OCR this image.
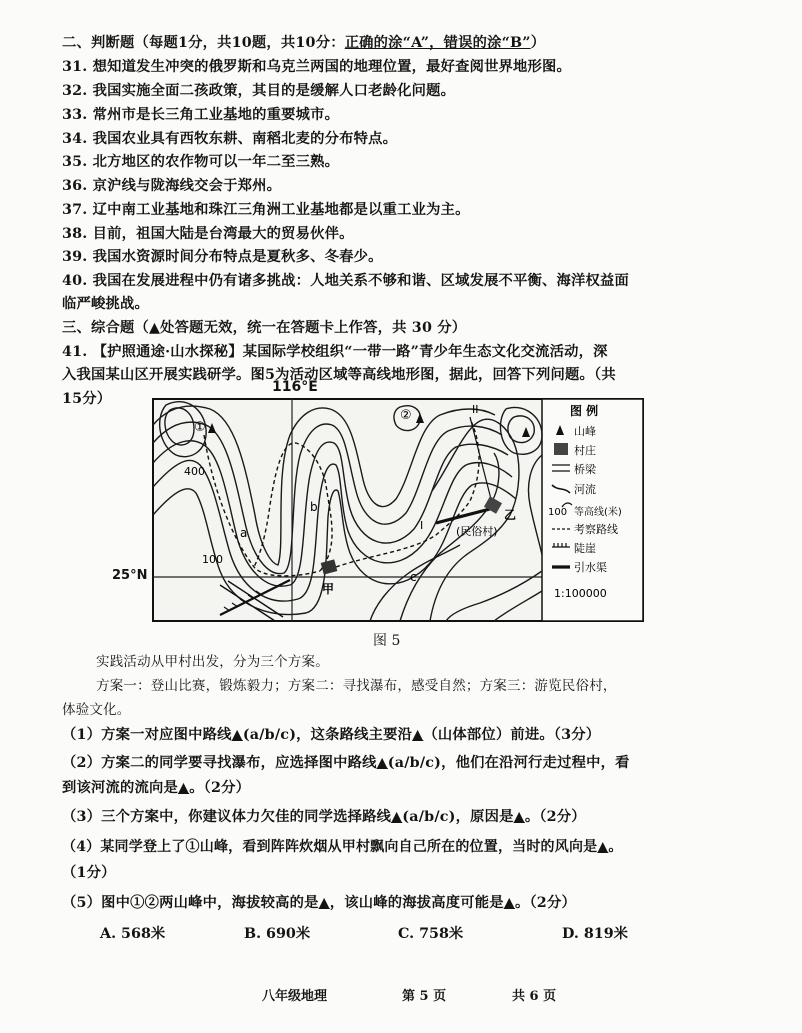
二、判断题（每题1分，共10题，共10分：正确的涂“A”，错误的涂“B”）
31. 想知道发生冲突的俄罗斯和乌克兰两国的地理位置，最好查阅世界地形图。
32. 我国实施全面二孩政策，其目的是缓解人口老龄化问题。
33. 常州市是长三角工业基地的重要城市。
34. 我国农业具有西牧东耕、南稻北麦的分布特点。
35. 北方地区的农作物可以一年二至三熟。
36. 京沪线与陇海线交会于郑州。
37. 辽中南工业基地和珠江三角洲工业基地都是以重工业为主。
38. 目前，祖国大陆是台湾最大的贸易伙伴。
39. 我国水资源时间分布特点是夏秋多、冬春少。
40. 我国在发展进程中仍有诸多挑战：人地关系不够和谐、区域发展不平衡、海洋权益面
临严峻挑战。
三、综合题（▲处答题无效，统一在答题卡上作答，共 30 分）
41. 【护照通途·山水探秘】某国际学校组织“一带一路”青少年生态文化交流活动，深
入我国某山区开展实践研学。图5为活动区域等高线地形图，据此，回答下列问题。（共
15分）
①
②
400
100
a
b
c
甲
乙
(民俗村)
I
II	图 例
山峰
村庄
桥梁
河流
100 等高线(米)
考察路线
陡崖
引水渠
1:100000
116°E
25°N
图 5
实践活动从甲村出发，分为三个方案。
方案一：登山比赛，锻炼毅力；方案二：寻找瀑布，感受自然；方案三：游览民俗村，
体验文化。
（1）方案一对应图中路线▲(a/b/c)，这条路线主要沿▲（山体部位）前进。（3分）
（2）方案二的同学要寻找瀑布，应选择图中路线▲(a/b/c)，他们在沿河行走过程中，看
到该河流的流向是▲。（2分）
（3）三个方案中，你建议体力欠佳的同学选择路线▲(a/b/c)，原因是▲。（2分）
（4）某同学登上了①山峰，看到阵阵炊烟从甲村飘向自己所在的位置，当时的风向是▲。
（1分）
（5）图中①②两山峰中，海拔较高的是▲，该山峰的海拔高度可能是▲。（2分）
A. 568米	B. 690米	C. 758米	D. 819米
八年级地理	第 5 页	共 6 页
